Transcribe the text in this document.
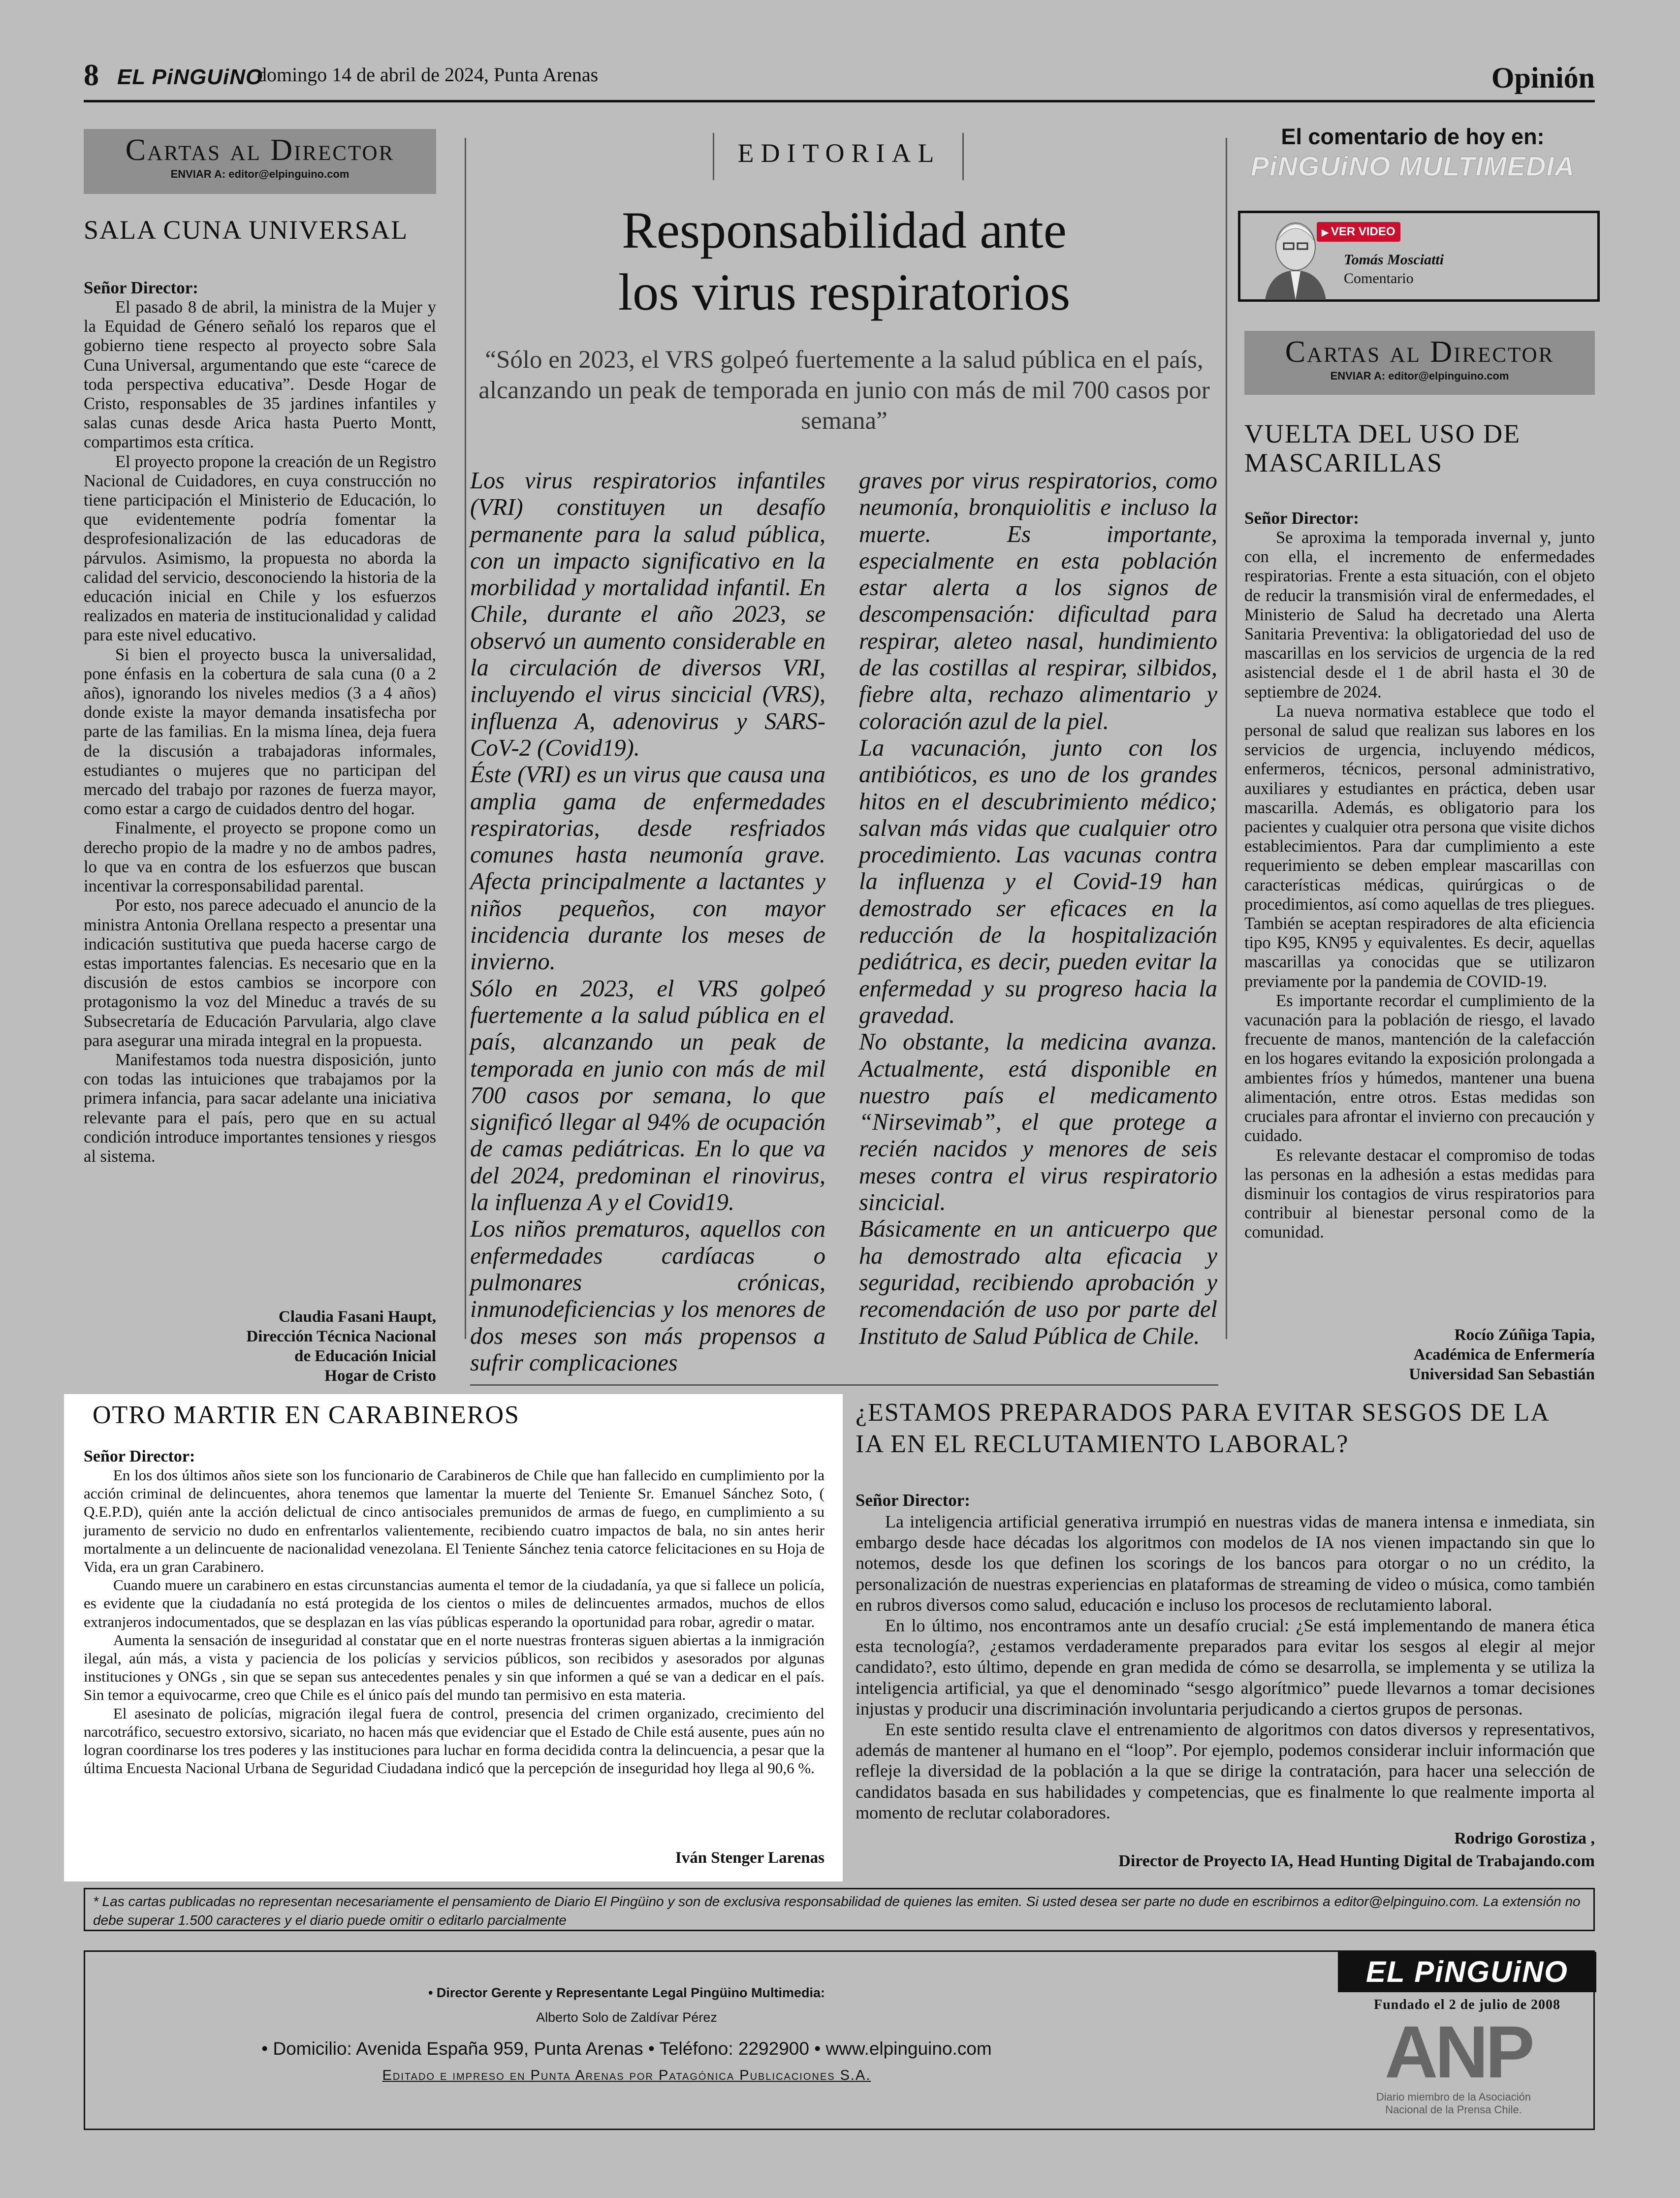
8 EL PiNGUiNO
domingo 14 de abril de 2024, Punta Arenas	Opinión
Cartas al Director
ENVIAR A: editor@elpinguino.com
SALA CUNA UNIVERSAL
Señor Director:

El pasado 8 de abril, la ministra de la Mujer y la Equidad de Género señaló los reparos que el gobierno tiene respecto al proyecto sobre Sala Cuna Universal, argumentando que este “carece de toda perspectiva educativa”. Desde Hogar de Cristo, responsables de 35 jardines infantiles y salas cunas desde Arica hasta Puerto Montt, compartimos esta crítica.

El proyecto propone la creación de un Registro Nacional de Cuidadores, en cuya construcción no tiene participación el Ministerio de Educación, lo que evidentemente podría fomentar la desprofesionalización de las educadoras de párvulos. Asimismo, la propuesta no aborda la calidad del servicio, desconociendo la historia de la educación inicial en Chile y los esfuerzos realizados en materia de institucionalidad y calidad para este nivel educativo.

Si bien el proyecto busca la universalidad, pone énfasis en la cobertura de sala cuna (0 a 2 años), ignorando los niveles medios (3 a 4 años) donde existe la mayor demanda insatisfecha por parte de las familias. En la misma línea, deja fuera de la discusión a trabajadoras informales, estudiantes o mujeres que no participan del mercado del trabajo por razones de fuerza mayor, como estar a cargo de cuidados dentro del hogar.

Finalmente, el proyecto se propone como un derecho propio de la madre y no de ambos padres, lo que va en contra de los esfuerzos que buscan incentivar la corresponsabilidad parental.

Por esto, nos parece adecuado el anuncio de la ministra Antonia Orellana respecto a presentar una indicación sustitutiva que pueda hacerse cargo de estas importantes falencias. Es necesario que en la discusión de estos cambios se incorpore con protagonismo la voz del Mineduc a través de su Subsecretaría de Educación Parvularia, algo clave para asegurar una mirada integral en la propuesta.

Manifestamos toda nuestra disposición, junto con todas las intuiciones que trabajamos por la primera infancia, para sacar adelante una iniciativa relevante para el país, pero que en su actual condición introduce importantes tensiones y riesgos al sistema.

Claudia Fasani Haupt,
Dirección Técnica Nacional
de Educación Inicial
Hogar de Cristo
EDITORIAL
Responsabilidad ante
los virus respiratorios
“Sólo en 2023, el VRS golpeó fuertemente a la salud pública en el país, alcanzando un peak de temporada en junio con más de mil 700 casos por semana”

Los virus respiratorios infantiles (VRI) constituyen un desafío permanente para la salud pública, con un impacto significativo en la morbilidad y mortalidad infantil. En Chile, durante el año 2023, se observó un aumento considerable en la circulación de diversos VRI, incluyendo el virus sincicial (VRS), influenza A, adenovirus y SARS-CoV-2 (Covid19).

Éste (VRI) es un virus que causa una amplia gama de enfermedades respiratorias, desde resfriados comunes hasta neumonía grave. Afecta principalmente a lactantes y niños pequeños, con mayor incidencia durante los meses de invierno.

Sólo en 2023, el VRS golpeó fuertemente a la salud pública en el país, alcanzando un peak de temporada en junio con más de mil 700 casos por semana, lo que significó llegar al 94% de ocupación de camas pediátricas. En lo que va del 2024, predominan el rinovirus, la influenza A y el Covid19.

Los niños prematuros, aquellos con enfermedades cardíacas o pulmonares crónicas, inmunodeficiencias y los menores de dos meses son más propensos a sufrir complicaciones

graves por virus respiratorios, como neumonía, bronquiolitis e incluso la muerte. Es importante, especialmente en esta población estar alerta a los signos de descompensación: dificultad para respirar, aleteo nasal, hundimiento de las costillas al respirar, silbidos, fiebre alta, rechazo alimentario y coloración azul de la piel.

La vacunación, junto con los antibióticos, es uno de los grandes hitos en el descubrimiento médico; salvan más vidas que cualquier otro procedimiento. Las vacunas contra la influenza y el Covid-19 han demostrado ser eficaces en la reducción de la hospitalización pediátrica, es decir, pueden evitar la enfermedad y su progreso hacia la gravedad.

No obstante, la medicina avanza. Actualmente, está disponible en nuestro país el medicamento “Nirsevimab”, el que protege a recién nacidos y menores de seis meses contra el virus respiratorio sincicial.

Básicamente en un anticuerpo que ha demostrado alta eficacia y seguridad, recibiendo aprobación y recomendación de uso por parte del Instituto de Salud Pública de Chile.

El comentario de hoy en:
PiNGUiNO MULTIMEDIA
▶ VER VIDEO
Tomás Mosciatti
Comentario
Cartas al Director
ENVIAR A: editor@elpinguino.com
VUELTA DEL USO DE MASCARILLAS
Señor Director:

Se aproxima la temporada invernal y, junto con ella, el incremento de enfermedades respiratorias. Frente a esta situación, con el objeto de reducir la transmisión viral de enfermedades, el Ministerio de Salud ha decretado una Alerta Sanitaria Preventiva: la obligatoriedad del uso de mascarillas en los servicios de urgencia de la red asistencial desde el 1 de abril hasta el 30 de septiembre de 2024.

La nueva normativa establece que todo el personal de salud que realizan sus labores en los servicios de urgencia, incluyendo médicos, enfermeros, técnicos, personal administrativo, auxiliares y estudiantes en práctica, deben usar mascarilla. Además, es obligatorio para los pacientes y cualquier otra persona que visite dichos establecimientos. Para dar cumplimiento a este requerimiento se deben emplear mascarillas con características médicas, quirúrgicas o de procedimientos, así como aquellas de tres pliegues. También se aceptan respiradores de alta eficiencia tipo K95, KN95 y equivalentes. Es decir, aquellas mascarillas ya conocidas que se utilizaron previamente por la pandemia de COVID-19.

Es importante recordar el cumplimiento de la vacunación para la población de riesgo, el lavado frecuente de manos, mantención de la calefacción en los hogares evitando la exposición prolongada a ambientes fríos y húmedos, mantener una buena alimentación, entre otros. Estas medidas son cruciales para afrontar el invierno con precaución y cuidado.

Es relevante destacar el compromiso de todas las personas en la adhesión a estas medidas para disminuir los contagios de virus respiratorios para contribuir al bienestar personal como de la comunidad.

Rocío Zúñiga Tapia,
Académica de Enfermería
Universidad San Sebastián
OTRO MARTIR EN CARABINEROS
Señor Director:

En los dos últimos años siete son los funcionario de Carabineros de Chile que han fallecido en cumplimiento por la acción criminal de delincuentes, ahora tenemos que lamentar la muerte del Teniente Sr. Emanuel Sánchez Soto, ( Q.E.P.D), quién ante la acción delictual de cinco antisociales premunidos de armas de fuego, en cumplimiento a su juramento de servicio no dudo en enfrentarlos valientemente, recibiendo cuatro impactos de bala, no sin antes herir mortalmente a un delincuente de nacionalidad venezolana. El Teniente Sánchez tenia catorce felicitaciones en su Hoja de Vida, era un gran Carabinero.

Cuando muere un carabinero en estas circunstancias aumenta el temor de la ciudadanía, ya que si fallece un policía, es evidente que la ciudadanía no está protegida de los cientos o miles de delincuentes armados, muchos de ellos extranjeros indocumentados, que se desplazan en las vías públicas esperando la oportunidad para robar, agredir o matar.

Aumenta la sensación de inseguridad al constatar que en el norte nuestras fronteras siguen abiertas a la inmigración ilegal, aún más, a vista y paciencia de los policías y servicios públicos, son recibidos y asesorados por algunas instituciones y ONGs , sin que se sepan sus antecedentes penales y sin que informen a qué se van a dedicar en el país. Sin temor a equivocarme, creo que Chile es el único país del mundo tan permisivo en esta materia.

El asesinato de policías, migración ilegal fuera de control, presencia del crimen organizado, crecimiento del narcotráfico, secuestro extorsivo, sicariato, no hacen más que evidenciar que el Estado de Chile está ausente, pues aún no logran coordinarse los tres poderes y las instituciones para luchar en forma decidida contra la delincuencia, a pesar que la última Encuesta Nacional Urbana de Seguridad Ciudadana indicó que la percepción de inseguridad hoy llega al 90,6 %.

Iván Stenger Larenas
¿ESTAMOS PREPARADOS PARA EVITAR SESGOS DE LA
IA EN EL RECLUTAMIENTO LABORAL?
Señor Director:

La inteligencia artificial generativa irrumpió en nuestras vidas de manera intensa e inmediata, sin embargo desde hace décadas los algoritmos con modelos de IA nos vienen impactando sin que lo notemos, desde los que definen los scorings de los bancos para otorgar o no un crédito, la personalización de nuestras experiencias en plataformas de streaming de video o música, como también en rubros diversos como salud, educación e incluso los procesos de reclutamiento laboral.

En lo último, nos encontramos ante un desafío crucial: ¿Se está implementando de manera ética esta tecnología?, ¿estamos verdaderamente preparados para evitar los sesgos al elegir al mejor candidato?, esto último, depende en gran medida de cómo se desarrolla, se implementa y se utiliza la inteligencia artificial, ya que el denominado “sesgo algorítmico” puede llevarnos a tomar decisiones injustas y producir una discriminación involuntaria perjudicando a ciertos grupos de personas.

En este sentido resulta clave el entrenamiento de algoritmos con datos diversos y representativos, además de mantener al humano en el “loop”. Por ejemplo, podemos considerar incluir información que refleje la diversidad de la población a la que se dirige la contratación, para hacer una selección de candidatos basada en sus habilidades y competencias, que es finalmente lo que realmente importa al momento de reclutar colaboradores.

Rodrigo Gorostiza ,
Director de Proyecto IA, Head Hunting Digital de Trabajando.com
* Las cartas publicadas no representan necesariamente el pensamiento de Diario El Pingüino y son de exclusiva responsabilidad de quienes las emiten. Si usted desea ser parte no dude en escribirnos a editor@elpinguino.com. La extensión no debe superar 1.500 caracteres y el diario puede omitir o editarlo parcialmente
• Director Gerente y Representante Legal Pingüino Multimedia:
Alberto Solo de Zaldívar Pérez
• Domicilio: Avenida España 959, Punta Arenas • Teléfono: 2292900 • www.elpinguino.com
Editado e impreso en Punta Arenas por Patagónica Publicaciones S.A.
EL PiNGUiNO
Fundado el 2 de julio de 2008
ANP
Diario miembro de la Asociación
Nacional de la Prensa Chile.
